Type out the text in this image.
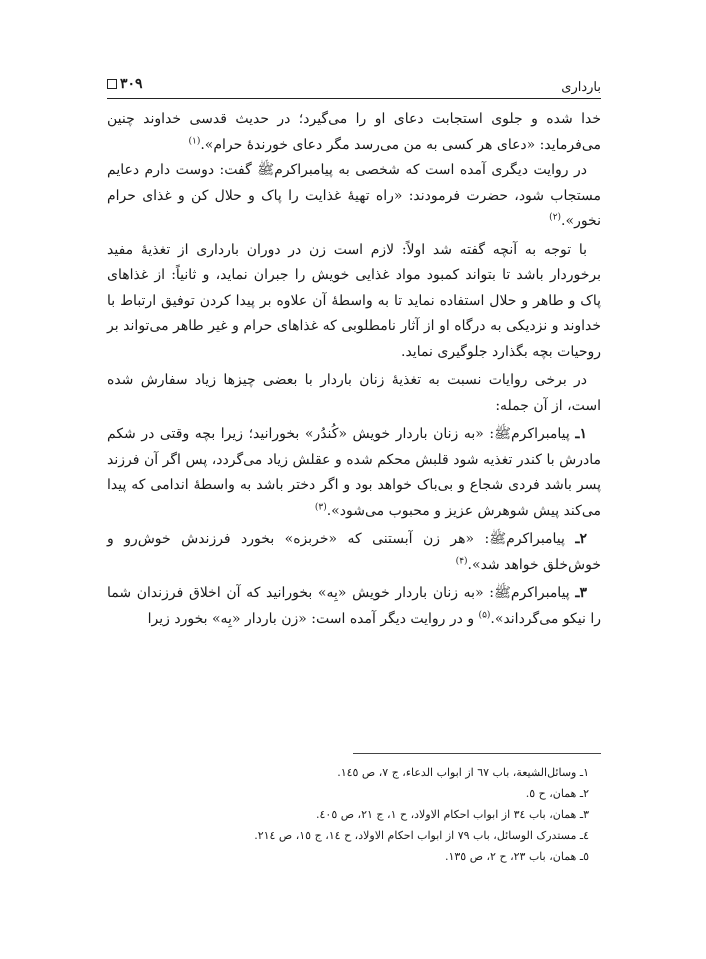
بارداری
۳۰۹

خدا شده و جلوی استجابت دعای او را می‌گیرد؛ در حدیث قدسی خداوند چنین می‌فرماید: «دعای هر کسی به من می‌رسد مگر دعای خورندهٔ حرام».$^{(۱)}$

در روایت دیگری آمده است که شخصی به پیامبراکرمﷺ گفت: دوست دارم دعایم مستجاب شود، حضرت فرمودند: «راه تهیهٔ غذایت را پاک و حلال کن و غذای حرام نخور».$^{(۲)}$

با توجه به آنچه گفته شد اولاً: لازم است زن در دوران بارداری از تغذیهٔ مفید برخوردار باشد تا بتواند کمبود مواد غذایی خویش را جبران نماید، و ثانیاً: از غذاهای پاک و طاهر و حلال استفاده نماید تا به واسطهٔ آن علاوه بر پیدا کردن توفیق ارتباط با خداوند و نزدیکی به درگاه او از آثار نامطلوبی که غذاهای حرام و غیر طاهر می‌تواند بر روحیات بچه بگذارد جلوگیری نماید.

در برخی روایات نسبت به تغذیهٔ زنان باردار با بعضی چیزها زیاد سفارش شده است، از آن جمله:

۱ـ پیامبراکرمﷺ: «به زنان باردار خویش «کُندُر» بخورانید؛ زیرا بچه وقتی در شکم مادرش با کندر تغذیه شود قلبش محکم شده و عقلش زیاد می‌گردد، پس اگر آن فرزند پسر باشد فردی شجاع و بی‌باک خواهد بود و اگر دختر باشد به واسطهٔ اندامی که پیدا می‌کند پیش شوهرش عزیز و محبوب می‌شود».$^{(۳)}$

۲ـ پیامبراکرمﷺ: «هر زن آبستنی که «خربزه» بخورد فرزندش خوش‌رو و خوش‌خلق خواهد شد».$^{(۴)}$

۳ـ پیامبراکرمﷺ: «به زنان باردار خویش «بِه» بخورانید که آن اخلاق فرزندان شما را نیکو می‌گرداند».$^{(۵)}$ و در روایت دیگر آمده است: «زن باردار «بِه» بخورد زیرا

۱ـ وسائل‌الشیعة، باب ٦٧ از ابواب الدعاء، ج ٧، ص ١٤٥.

۲ـ همان، ح ٥.

۳ـ همان، باب ٣٤ از ابواب احکام الاولاد، ح ١، ج ٢١، ص ٤٠٥.

٤ـ مستدرک الوسائل، باب ٧٩ از ابواب احکام الاولاد، ح ١٤، ج ١٥، ص ٢١٤.

٥ـ همان، باب ٢٣، ح ٢، ص ١٣٥.
